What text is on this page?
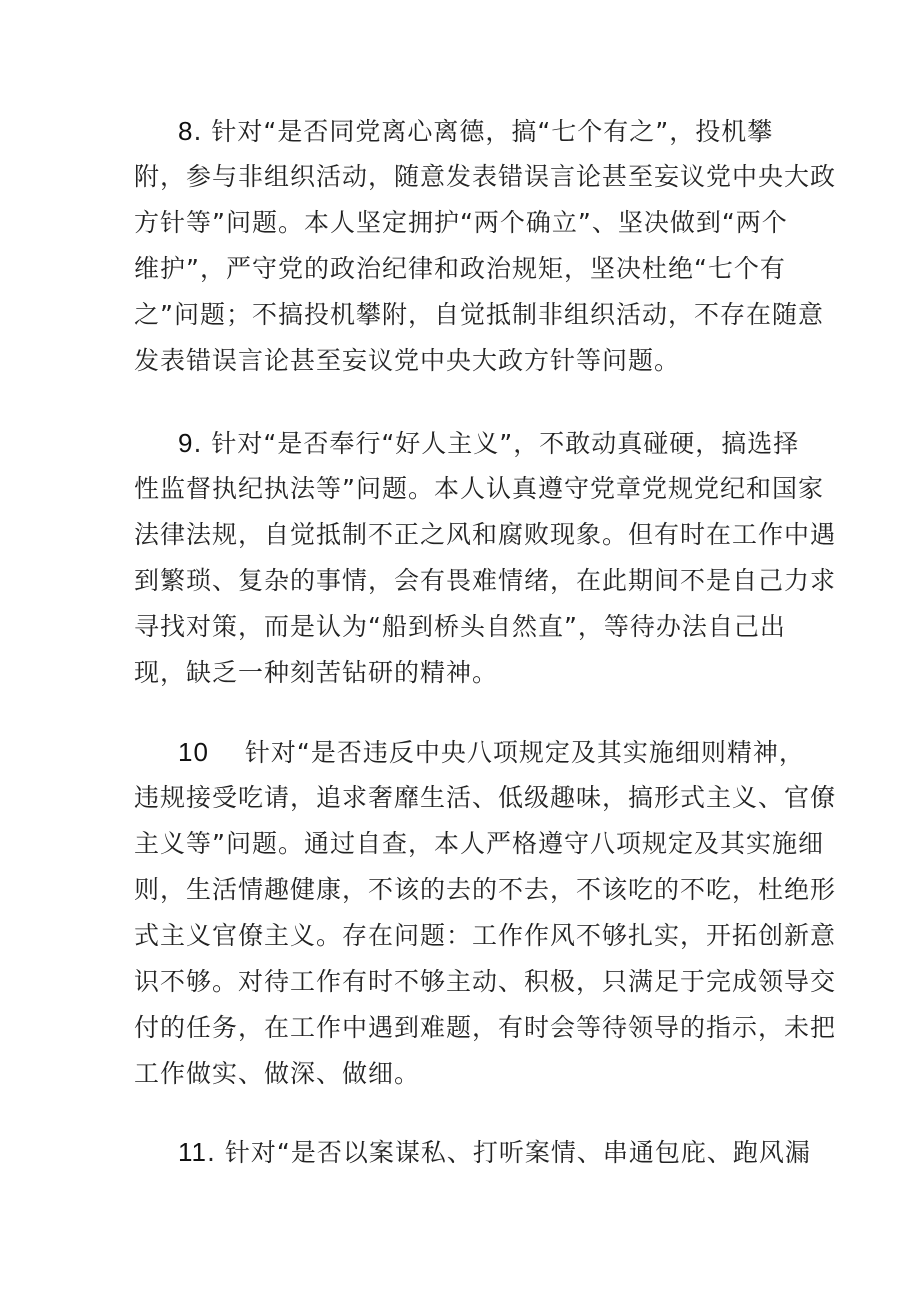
8. 针对“是否同党离心离德，搞“七个有之”，投机攀
附，参与非组织活动，随意发表错误言论甚至妄议党中央大政
方针等”问题。本人坚定拥护“两个确立”、坚决做到“两个
维护”，严守党的政治纪律和政治规矩，坚决杜绝“七个有
之”问题；不搞投机攀附，自觉抵制非组织活动，不存在随意
发表错误言论甚至妄议党中央大政方针等问题。
9. 针对“是否奉行“好人主义”，不敢动真碰硬，搞选择
性监督执纪执法等”问题。本人认真遵守党章党规党纪和国家
法律法规，自觉抵制不正之风和腐败现象。但有时在工作中遇
到繁琐、复杂的事情，会有畏难情绪，在此期间不是自己力求
寻找对策，而是认为“船到桥头自然直”，等待办法自己出
现，缺乏一种刻苦钻研的精神。
10 针对“是否违反中央八项规定及其实施细则精神，
违规接受吃请，追求奢靡生活、低级趣味，搞形式主义、官僚
主义等”问题。通过自查，本人严格遵守八项规定及其实施细
则，生活情趣健康，不该的去的不去，不该吃的不吃，杜绝形
式主义官僚主义。存在问题：工作作风不够扎实，开拓创新意
识不够。对待工作有时不够主动、积极，只满足于完成领导交
付的任务，在工作中遇到难题，有时会等待领导的指示，未把
工作做实、做深、做细。
11. 针对“是否以案谋私、打听案情、串通包庇、跑风漏
